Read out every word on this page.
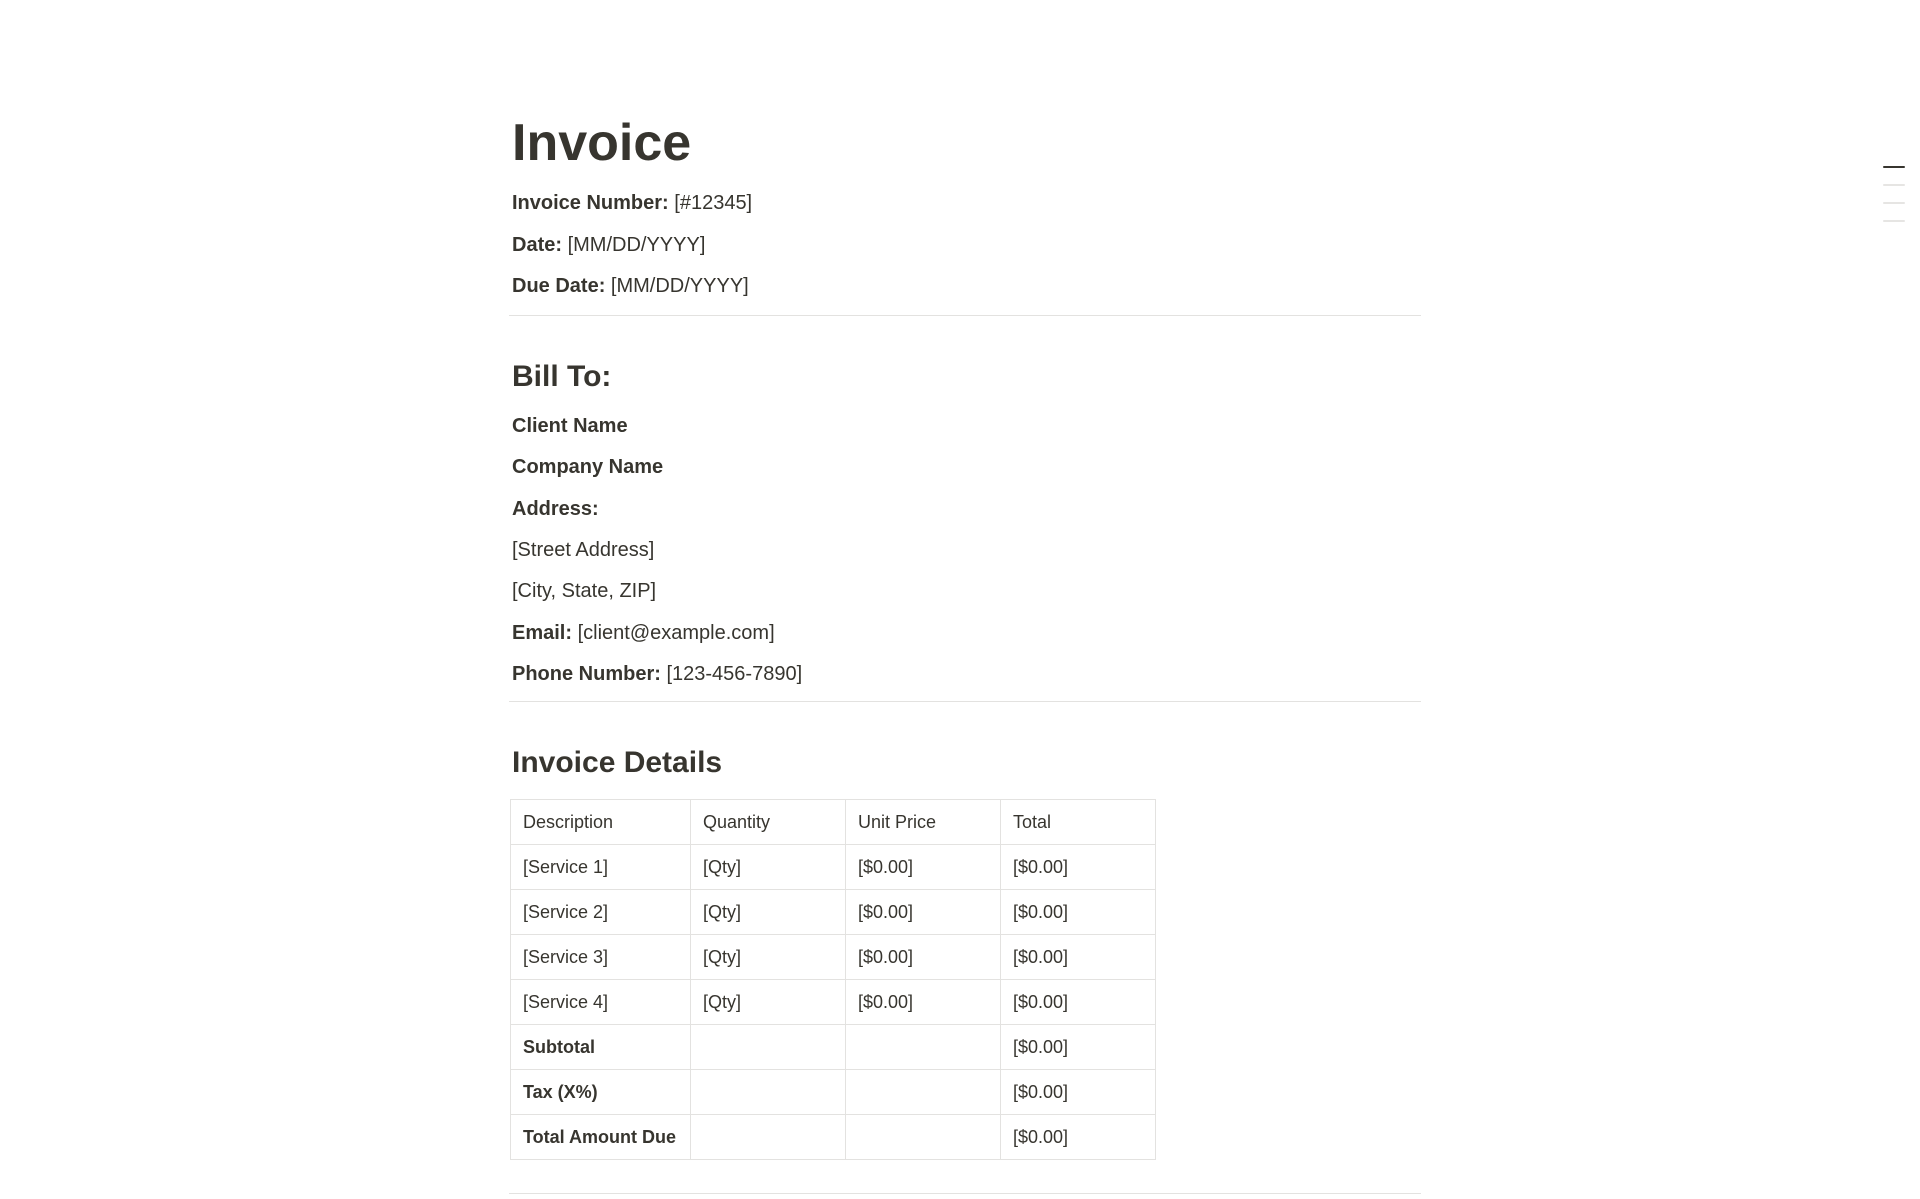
Invoice
Invoice Number: [#12345]
Date: [MM/DD/YYYY]
Due Date: [MM/DD/YYYY]
Bill To:
Client Name
Company Name
Address:
[Street Address]
[City, State, ZIP]
Email: [client@example.com]
Phone Number: [123-456-7890]
Invoice Details
Description	Quantity	Unit Price	Total
[Service 1]	[Qty]	[$0.00]	[$0.00]
[Service 2]	[Qty]	[$0.00]	[$0.00]
[Service 3]	[Qty]	[$0.00]	[$0.00]
[Service 4]	[Qty]	[$0.00]	[$0.00]
Subtotal			[$0.00]
Tax (X%)			[$0.00]
Total Amount Due			[$0.00]
